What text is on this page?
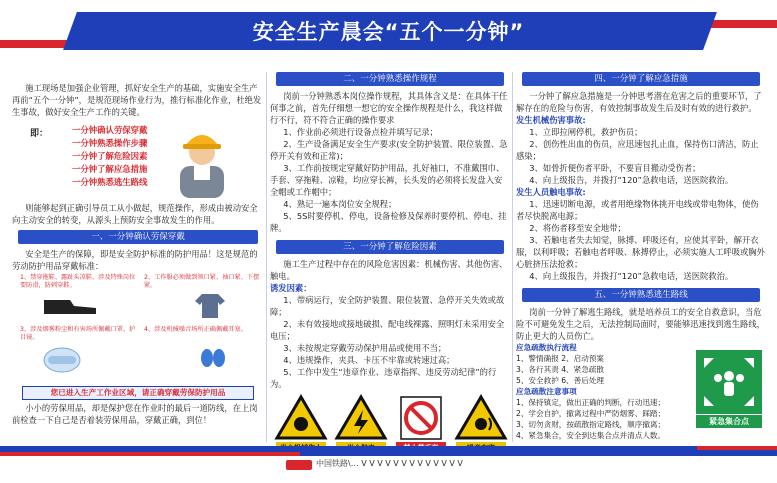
安全生产晨会“五个一分钟”
施工现场是加强企业管理，抓好安全生产的基础，实施安全生产再前“五个一分钟”，是规范现场作业行为，推行标准化作业，杜绝发生事故，做好安全生产工作的关键。
即：	一分钟确认劳保穿戴
一分钟熟悉操作步骤
一分钟了解危险因素
一分钟了解应急措施
一分钟熟悉逃生路线
则能够起到正确引导员工从小做起，规范操作，形成由被动安全向主动安全的转变，从源头上预防安全事故发生的作用。
一、一分钟确认劳保穿戴
安全是生产的保障，即是安全防护标准的防护用品！这是规范的劳动防护用品穿戴标准：
1、禁穿拖鞋、露趾头凉鞋、涉及特殊岗位要防滑，防刺穿鞋。
2、工作服必须做到领口紧、袖口紧、下摆紧。
3、涉及烟雾粉尘和有害场所佩戴口罩、护目镜。
4、涉及机械噪音场所正确佩戴耳塞。
您已进入生产工作业区域，请正确穿戴劳保防护用品
小小的劳保用品，却是保护您在作业时的最后一道防线，在上岗前检查一下自己是否着装劳保用品，穿戴正确，到位！
二、一分钟熟悉操作规程
岗前一分钟熟悉本岗位操作规程，其具体含义是：在具体干任何事之前，首先仔细想一想它的安全操作规程是什么，我这样做行不行，符不符合正确的操作要求
1、作业前必须进行设备点检并填写记录；
2、生产设备满足安全生产要求(安全防护装置、限位装置、急停开关有效和正常)；
3、工作前按规定穿戴好防护用品，扎好袖口，不准戴围巾、手套、穿拖鞋、凉鞋，均应穿长裤，长头发的必须将长发盘入安全帽或工作帽中；
4、熟记一遍本岗位安全规程；
5、5S时要停机、停电，设备检修及保养时要停机、停电、挂牌。
三、一分钟了解危险因素
施工生产过程中存在的风险危害因素：机械伤害、其他伤害、触电。
诱发因素：
1、带病运行，安全防护装置、限位装置、急停开关失效或故障；
2、未有效接地或接地破损、配电线裸露、照明灯未采用安全电压；
3、未按规定穿戴劳动保护用品或使用不当；
4、违规操作，夹具、卡压不牢靠或转速过高；
5、工作中发生“违章作业、违章指挥、违反劳动纪律”的行为。
四、一分钟了解应急措施
一分钟了解应急措施是一分钟思考潜在危害之后的重要环节，了解存在的危险与伤害，有效控制事故发生后及时有效的进行救护。
发生机械伤害事故:
1、立即拉闸停机，救护伤员；
2、创伤性出血的伤员，应迅速包扎止血，保持伤口清洁，防止感染；
3、如骨折便伤者平卧，不要盲目搬动受伤者；
4、向上级报告，并拨打“120”急救电话，送医院救治。
发生人员触电事故:
1、迅速切断电源，或者用绝缘物体挑开电线或带电物体，使伤者尽快脱离电源；
2、将伤者移至安全地带；
3、若触电者失去知觉，脉搏、呼吸还有，应使其平卧，解开衣服，以利呼吸；若触电者呼吸、脉搏停止，必须实施人工呼吸或胸外心脏挤压法抢救；
4、向上级报告，并拨打“120”急救电话，送医院救治。
五、一分钟熟悉逃生路线
岗前一分钟了解逃生路线，就是培养员工的安全自救意识，当危险不可避免发生之后，无法控制局面时，要能够迅速找到逃生路线，防止更大的人员伤亡。
应急疏散执行流程
1、警情确报 2、启动预案
3、各行其责 4、紧急疏散
5、安全救护 6、善后处理
应急疏散注意事项
1、保持镇定，做出正确的判断，行动迅速；
2、学会自护，撤离过程中严防烟雾、踩踏；
3、切勿贪财，按疏散指定路线，顺序撤离；
4、紧急集合，安全到达集合点并清点人数。
紧急集合点
中国铁路\… V V V V V V V V V V V V V
